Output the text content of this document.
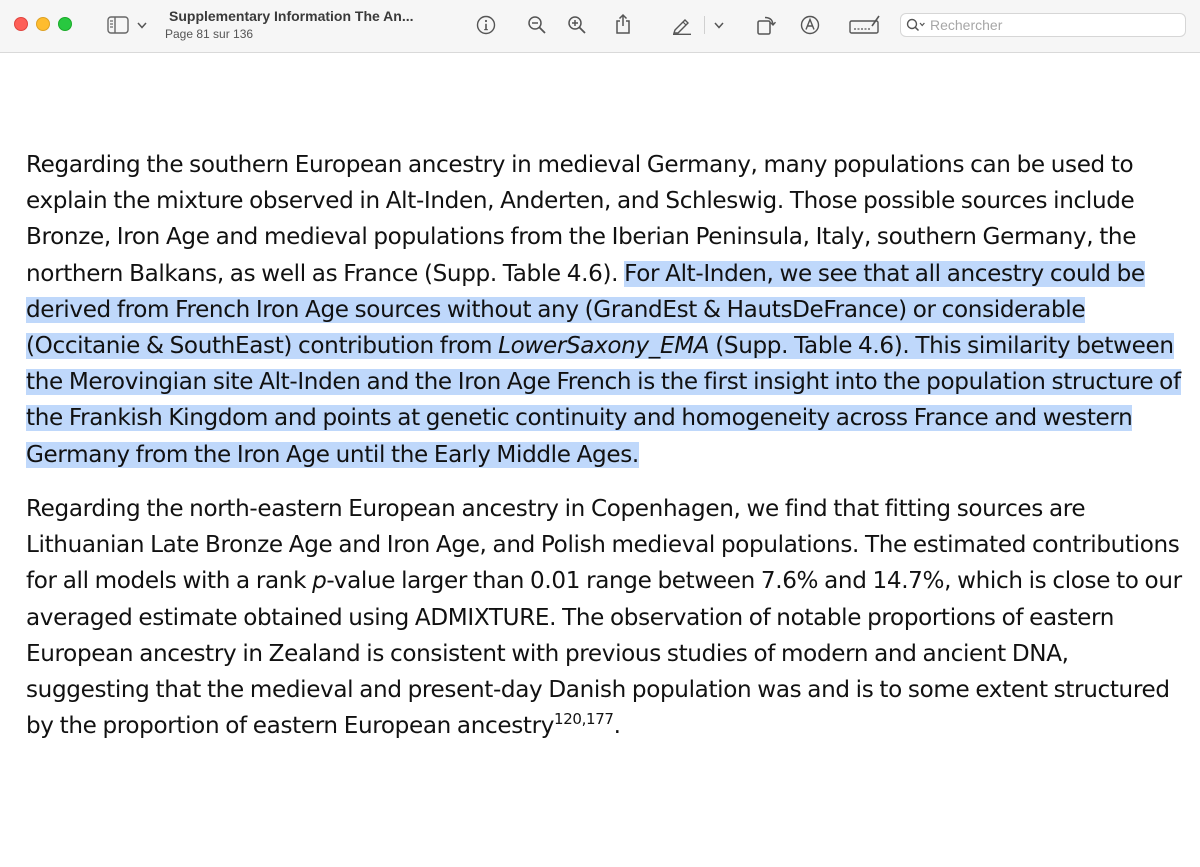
Supplementary Information The An...
Page 81 sur 136
Rechercher
Regarding the southern European ancestry in medieval Germany, many populations can be used to explain the mixture observed in Alt-Inden, Anderten, and Schleswig. Those possible sources include Bronze, Iron Age and medieval populations from the Iberian Peninsula, Italy, southern Germany, the northern Balkans, as well as France (Supp. Table 4.6). For Alt-Inden, we see that all ancestry could be derived from French Iron Age sources without any (GrandEst & HautsDeFrance) or considerable (Occitanie & SouthEast) contribution from LowerSaxony_EMA (Supp. Table 4.6). This similarity between the Merovingian site Alt-Inden and the Iron Age French is the first insight into the population structure of the Frankish Kingdom and points at genetic continuity and homogeneity across France and western Germany from the Iron Age until the Early Middle Ages.
Regarding the north-eastern European ancestry in Copenhagen, we find that fitting sources are Lithuanian Late Bronze Age and Iron Age, and Polish medieval populations. The estimated contributions for all models with a rank p-value larger than 0.01 range between 7.6% and 14.7%, which is close to our averaged estimate obtained using ADMIXTURE. The observation of notable proportions of eastern European ancestry in Zealand is consistent with previous studies of modern and ancient DNA, suggesting that the medieval and present-day Danish population was and is to some extent structured by the proportion of eastern European ancestry$^{120,177}$.
